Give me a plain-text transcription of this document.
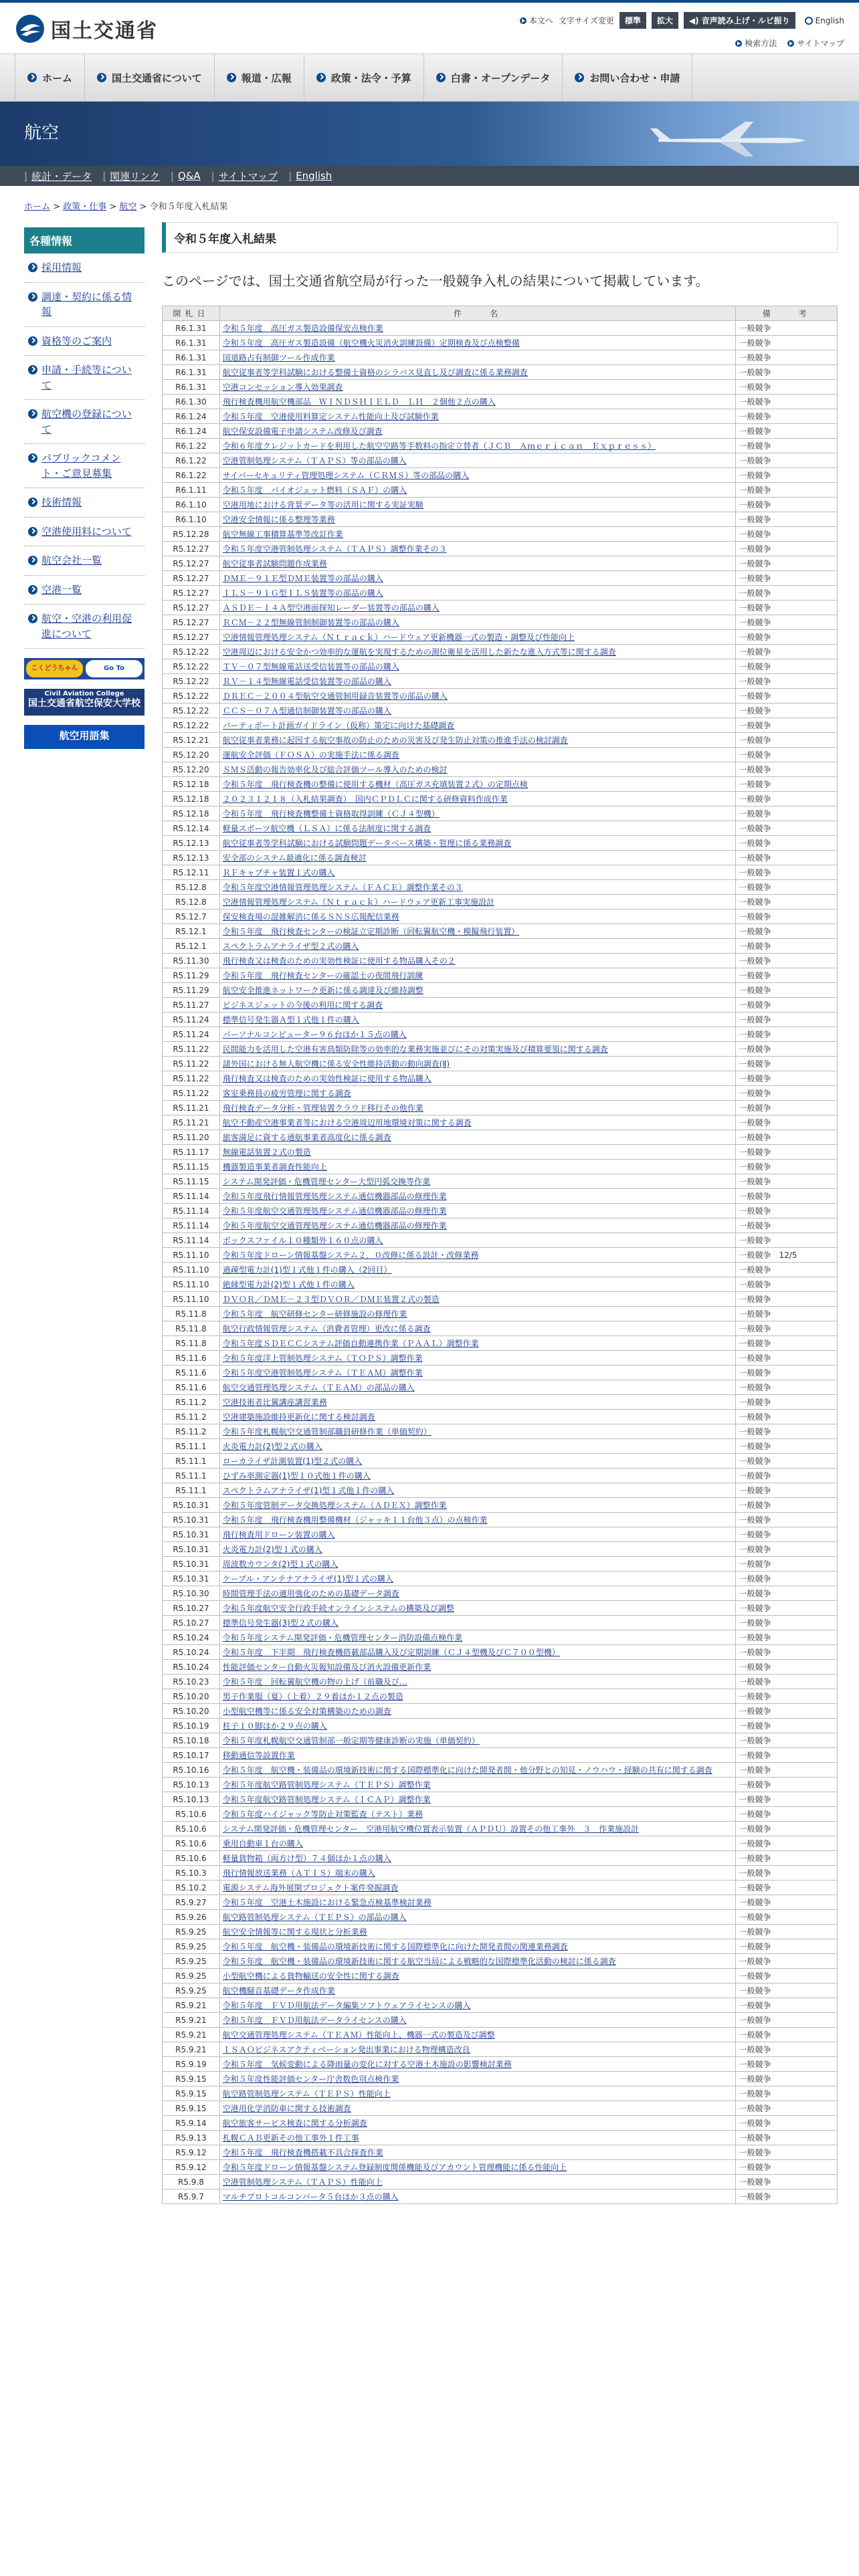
国土交通省	本文へ 文字サイズ変更	標準	拡大	◀) 音声読み上げ・ルビ振り	English
検索方法	サイトマップ
ホーム	国土交通省について	報道・広報	政策・法令・予算	白書・オープンデータ	お問い合わせ・申請
航空
| 統計・データ	| 関連リンク	| Q&A	| サイトマップ	| English
ホーム > 政策・仕事 > 航空 > 令和５年度入札結果
各種情報
採用情報
調達・契約に係る情報
資格等のご案内
申請・手続等について
航空機の登録について
パブリックコメント・ご意見募集
技術情報
空港使用料について
航空会社一覧
空港一覧
航空・空港の利用促進について
こくどうちゃん	Go To
Civil Aviation College
国土交通省航空保安大学校
航空用語集
令和５年度入札結果

このページでは、国土交通省航空局が行った一般競争入札の結果について掲載しています。

開札日	件　　名	備　　考
R6.1.31	令和５年度　高圧ガス製造設備保安点検作業	一般競争
R6.1.31	令和５年度　高圧ガス製造設備（航空機火災消火訓練設備）定期検査及び点検整備	一般競争
R6.1.31	国道路占有制御ツール作成作業	一般競争
R6.1.31	航空従事者等学科試験における整備士資格のシラバス見直し及び調査に係る業務調査	一般競争
R6.1.31	空港コンセッション導入効果調査	一般競争
R6.1.30	飛行検査機用航空機部品　ＷＩＮＤＳＨＩＥＬＤ　ＬＨ　２個他２点の購入	一般競争
R6.1.24	令和５年度　空港使用料算定システム性能向上及び試験作業	一般競争
R6.1.24	航空保安設備電子申請システム改修及び調査	一般競争
R6.1.22	令和６年度クレジットカードを利用した航空空路等手数料の指定立替者（ＪＣＢ　Ａｍｅｒｉｃａｎ　Ｅｘｐｒｅｓｓ）	一般競争
R6.1.22	空港管制処理システム（ＴＡＰＳ）等の部品の購入	一般競争
R6.1.22	サイバーセキュリティ管理処理システム（ＣＲＭＳ）等の部品の購入	一般競争
R6.1.11	令和５年度　バイオジェット燃料（ＳＡＦ）の購入	一般競争
R6.1.10	空港用地における背景データ等の活用に関する実証実験	一般競争
R6.1.10	空港安全情報に係る整理等業務	一般競争
R5.12.28	航空無線工事積算基準等改訂作業	一般競争
R5.12.27	令和５年度空港管制処理システム（ＴＡＰＳ）調整作業その３	一般競争
R5.12.27	航空従事者試験問題作成業務	一般競争
R5.12.27	ＤＭＥ－９１Ｅ型ＤＭＥ装置等の部品の購入	一般競争
R5.12.27	ＩＬＳ－９１Ｇ型ＩＬＳ装置等の部品の購入	一般競争
R5.12.27	ＡＳＤＥ－１４Ａ型空港面探知レーダー装置等の部品の購入	一般競争
R5.12.27	ＲＣＭ－２２型無線管制制御装置等の部品の購入	一般競争
R5.12.27	空港情報管理処理システム（Ｎｔｒａｃｋ）ハードウェア更新機器一式の製造・調整及び性能向上	一般競争
R5.12.22	空港周辺における安全かつ効率的な運航を実現するための測位衛星を活用した新たな進入方式等に関する調査	一般競争
R5.12.22	ＴＶ－０７型無線電話送受信装置等の部品の購入	一般競争
R5.12.22	ＲＶ－１４型無線電話受信装置等の部品の購入	一般競争
R5.12.22	ＤＲＥＣ－２００４型航空交通管制用録音装置等の部品の購入	一般競争
R5.12.22	ＣＣＳ－０７Ａ型通信制御装置等の部品の購入	一般競争
R5.12.22	バーティポート計画ガイドライン（仮称）策定に向けた基礎調査	一般競争
R5.12.21	航空従事者業務に起因する航空事故の防止のための災害及び発生防止対策の推進手法の検討調査	一般競争
R5.12.20	運航安全評価（ＦＯＳＡ）の実施手法に係る調査	一般競争
R5.12.20	ＳＭＳ活動の報告効率化及び総合評価ツール導入のための検討	一般競争
R5.12.18	令和５年度　飛行検査機の整備に使用する機材（高圧ガス充填装置２式）の定期点検	一般競争
R5.12.18	２０２３１２１８（入札結果調査）　国内ＣＰＤＬＣに関する研修資料作成作業	一般競争
R5.12.18	令和５年度　飛行検査機整備士資格取得訓練（ＣＪ４型機）	一般競争
R5.12.14	軽量スポーツ航空機（ＬＳＡ）に係る法制度に関する調査	一般競争
R5.12.13	航空従事者等学科試験における試験問題データベース構築・管理に係る業務調査	一般競争
R5.12.13	安全部のシステム最適化に係る調査検討	一般競争
R5.12.11	ＲＦキャプチャ装置１式の購入	一般競争
R5.12.8	令和５年度空港情報管理処理システム（ＦＡＣＥ）調整作業その３	一般競争
R5.12.8	空港情報管理処理システム（Ｎｔｒａｃｋ）ハードウェア更新工事実施設計	一般競争
R5.12.7	保安検査場の混雑解消に係るＳＮＳ広報配信業務	一般競争
R5.12.1	令和５年度　飛行検査センターの検証立定期診断（回転翼航空機・模擬飛行装置）	一般競争
R5.12.1	スペクトラムアナライザ型２式の購入	一般競争
R5.11.30	飛行検査又は検査のための実効性検証に使用する物品購入その２	一般競争
R5.11.29	令和５年度　飛行検査センターの確認士の夜間飛行訓練	一般競争
R5.11.29	航空安全推進ネットワーク更新に係る調達及び維持調整	一般競争
R5.11.27	ビジネスジェットの今後の利用に関する調査	一般競争
R5.11.24	標準信号発生器Ａ型１式他１件の購入	一般競争
R5.11.24	パーソナルコンピューター９６台ほか１５点の購入	一般競争
R5.11.22	民間能力を活用した空港有害鳥類防除等の効率的な業務実施並びにその対策実施及び積算要領に関する調査	一般競争
R5.11.22	諸外国における無人航空機に係る安全性維持活動の動向調査(Ⅱ)	一般競争
R5.11.22	飛行検査又は検査のための実効性検証に使用する物品購入	一般競争
R5.11.22	客室乗務員の疲労管理に関する調査	一般競争
R5.11.21	飛行検査データ分析・管理装置クラウド移行その他作業	一般競争
R5.11.21	航空不動産空港事業者等における空港周辺用地環境対策に関する調査	一般競争
R5.11.20	旅客満足に資する通航事業者高度化に係る調査	一般競争
R5.11.17	無線電話装置２式の製造	一般競争
R5.11.15	機器製造事業者調査性能向上	一般競争
R5.11.15	システム開発評価・危機管理センター大型円弧交換等作業	一般競争
R5.11.14	令和５年度飛行情報管理処理システム通信機器部品の修理作業	一般競争
R5.11.14	令和５年度航空交通管理処理システム通信機器部品の修理作業	一般競争
R5.11.14	令和５年度航空交通管理処理システム通信機器部品の修理作業	一般競争
R5.11.14	ボックスファイル１０種類外１６０点の購入	一般競争
R5.11.10	令和５年度ドローン情報基盤システム２．０改修に係る設計・改修業務	一般競争　12/5
R5.11.10	過疎型電力計(1)型１式他１件の購入（2回目）	一般競争
R5.11.10	絶縁型電力計(2)型１式他１件の購入	一般競争
R5.11.10	ＤＶＯＲ／ＤＭＥ－２３型ＤＶＯＲ／ＤＭＥ装置２式の製造	一般競争
R5.11.8	令和５年度　航空研修センター研修施設の修理作業	一般競争
R5.11.8	航空行政情報管理システム（消費者管理）更改に係る調査	一般競争
R5.11.8	令和５年度ＳＤＥＣＣシステム評価自動連携作業（ＰＡＡＬ）調整作業	一般競争
R5.11.6	令和５年度洋上管制処理システム（ＴＯＰＳ）調整作業	一般競争
R5.11.6	令和５年度空港管制処理システム（ＴＥＡＭ）調整作業	一般競争
R5.11.6	航空交通管理処理システム（ＴＥＡＭ）の部品の購入	一般競争
R5.11.2	空港技術者比翼講座講習業務	一般競争
R5.11.2	空港建築施設維持更新化に関する検討調査	一般競争
R5.11.2	令和５年度札幌航空交通管制部職員研修作業（単価契約）	一般競争
R5.11.1	火炎電力計(2)型２式の購入	一般競争
R5.11.1	ローカライザ計測装置(1)型２式の購入	一般競争
R5.11.1	ひずみ率測定器(1)型１０式他１件の購入	一般競争
R5.11.1	スペクトラムアナライザ(1)型１式他１件の購入	一般競争
R5.10.31	令和５年度管制データ交換処理システム（ＡＤＥＸ）調整作業	一般競争
R5.10.31	令和５年度　飛行検査機用整備機材（ジャッキ１１台他３点）の点検作業	一般競争
R5.10.31	飛行検査用ドローン装置の購入	一般競争
R5.10.31	火炎電力計(2)型１式の購入	一般競争
R5.10.31	周波数カウンタ(2)型１式の購入	一般競争
R5.10.31	ケーブル・アンテナアナライザ(1)型１式の購入	一般競争
R5.10.30	時間管理手法の適用強化のための基礎データ調査	一般競争
R5.10.27	令和５年度航空安全行政手続オンラインシステムの構築及び調整	一般競争
R5.10.27	標準信号発生器(3)型２式の購入	一般競争
R5.10.24	令和５年度システム開発評価・危機管理センター消防設備点検作業	一般競争
R5.10.24	令和５年度　下半期　飛行検査機搭載部品購入及び定期訓練（ＣＪ４型機及びＣ７００型機）	一般競争
R5.10.24	性能評価センター自動火災報知設備及び消火設備更新作業	一般競争
R5.10.23	令和５年度　回転翼航空機の物の上げ（前職及び…	一般競争
R5.10.20	男子作業服（夏）（上着）２９着ほか１２点の製造	一般競争
R5.10.20	小型航空機等に係る安全対策構築のための調査	一般競争
R5.10.19	柱子１０脚ほか２９点の購入	一般競争
R5.10.18	令和５年度札幌航空交通管制部一般定期等健康診断の実施（単価契約）	一般競争
R5.10.17	移動通信等設置作業	一般競争
R5.10.16	令和５年度　航空機・装備品の環境新技術に関する国際標準化に向けた開発者間・他分野との知見・ノウハウ・経験の共有に関する調査	一般競争
R5.10.13	令和５年度航空路管制処理システム（ＴＥＰＳ）調整作業	一般競争
R5.10.13	令和５年度航空路管制処理システム（ＩＣＡＰ）調整作業	一般競争
R5.10.6	令和５年度ハイジャック等防止対策監査（テスト）業務	一般競争
R5.10.6	システム開発評価・危機管理センター　空港用航空機位置表示装置（ＡＰＤＵ）設置その他工事外　３　作業施設計	一般競争
R5.10.6	乗用自動車１台の購入	一般競争
R5.10.6	軽量貨物箱（両方け型）７４個ほか１点の購入	一般競争
R5.10.3	飛行情報放送業務（ＡＴＩＳ）端末の購入	一般競争
R5.10.2	電源システム海外展開プロジェクト案件発掘調査	一般競争
R5.9.27	令和５年度　空港土木施設における緊急点検基準検討業務	一般競争
R5.9.26	航空路管制処理システム（ＴＥＰＳ）の部品の購入	一般競争
R5.9.25	航空安全情報等に関する現状と分析業務	一般競争
R5.9.25	令和５年度　航空機・装備品の環境新技術に関する国際標準化に向けた開発者間の関連業務調査	一般競争
R5.9.25	令和５年度　航空機・装備品の環境新技術に関する航空当局による戦略的な国際標準化活動の検討に係る調査	一般競争
R5.9.25	小型航空機による貨物輸送の安全性に関する調査	一般競争
R5.9.25	航空機騒音基礎データ作成作業	一般競争
R5.9.21	令和５年度　ＦＶＤ用航法データ編集ソフトウェアライセンスの購入	一般競争
R5.9.21	令和５年度　ＦＶＤ用航法データライセンスの購入	一般競争
R5.9.21	航空交通管理処理システム（ＴＥＡＭ）性能向上、機器一式の製造及び調整	一般競争
R5.9.21	ＩＳＡＯビジネスアクティベーション発出事業における物理構造改良	一般競争
R5.9.19	令和５年度　気候変動による降雨量の変化に対する空港土木施設の影響検討業務	一般競争
R5.9.15	令和５年度性能評価センター庁舎数色別点検作業	一般競争
R5.9.15	航空路管制処理システム（ＴＥＰＳ）性能向上	一般競争
R5.9.15	空港用化学消防車に関する技術調査	一般競争
R5.9.14	航空旅客サービス検査に関する分析調査	一般競争
R5.9.13	札幌ＣＡＢ更新その他工事外１件工事	一般競争
R5.9.12	令和５年度　飛行検査機搭載不具合探査作業	一般競争
R5.9.12	令和５年度ドローン情報基盤システム登録制度関係機能及びアカウント管理機能に係る性能向上	一般競争
R5.9.8	空港管制処理システム（ＴＡＰＳ）性能向上	一般競争
R5.9.7	マルチプロトコルコンバータ５台ほか３点の購入	一般競争
